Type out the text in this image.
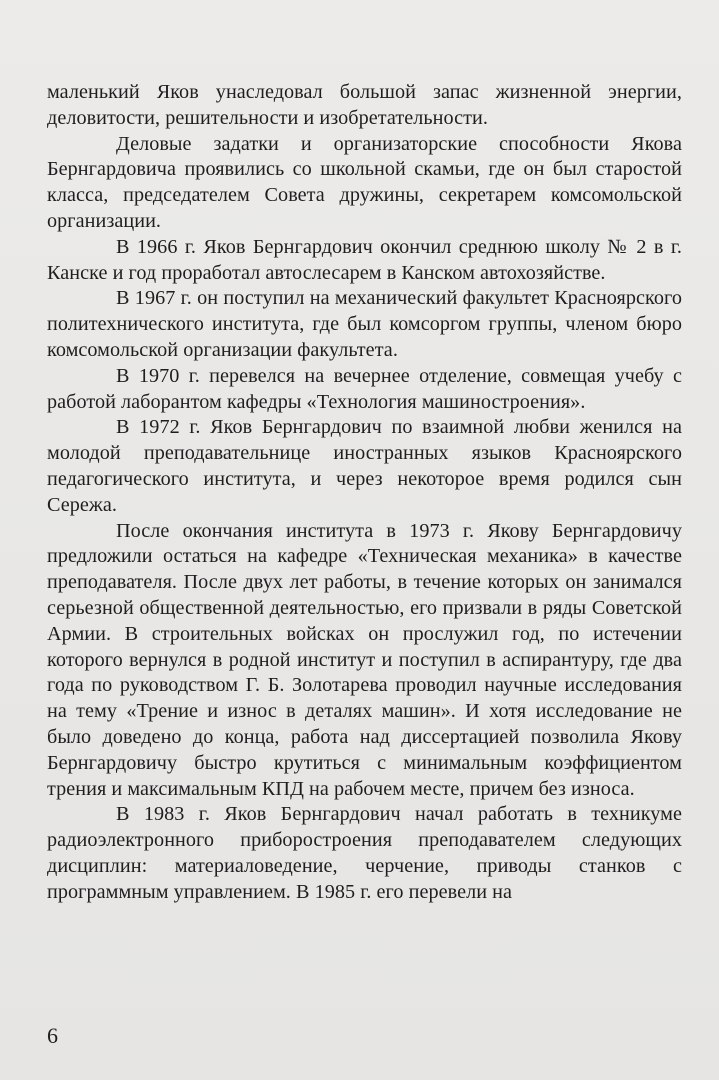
маленький Яков унаследовал большой запас жизненной энергии, деловитости, решительности и изобретательности.

Деловые задатки и организаторские способности Якова Бернгардовича проявились со школьной скамьи, где он был старостой класса, председателем Совета дружины, секретарем комсомольской организации.

В 1966 г. Яков Бернгардович окончил среднюю школу № 2 в г. Канске и год проработал автослесарем в Канском автохозяйстве.

В 1967 г. он поступил на механический факультет Красноярского политехнического института, где был комсоргом группы, членом бюро комсомольской организации факультета.

В 1970 г. перевелся на вечернее отделение, совмещая учебу с работой лаборантом кафедры «Технология машиностроения».

В 1972 г. Яков Бернгардович по взаимной любви женился на молодой преподавательнице иностранных языков Красноярского педагогического института, и через некоторое время родился сын Сережа.

После окончания института в 1973 г. Якову Бернгардовичу предложили остаться на кафедре «Техническая механика» в качестве преподавателя. После двух лет работы, в течение которых он занимался серьезной общественной деятельностью, его призвали в ряды Советской Армии. В строительных войсках он прослужил год, по истечении которого вернулся в родной институт и поступил в аспирантуру, где два года по руководством Г. Б. Золотарева проводил научные исследования на тему «Трение и износ в деталях машин». И хотя исследование не было доведено до конца, работа над диссертацией позволила Якову Бернгардовичу быстро крутиться с минимальным коэффициентом трения и максимальным КПД на рабочем месте, причем без износа.

В 1983 г. Яков Бернгардович начал работать в техникуме радиоэлектронного приборостроения преподавателем следующих дисциплин: материаловедение, черчение, приводы станков с программным управлением. В 1985 г. его перевели на

6
